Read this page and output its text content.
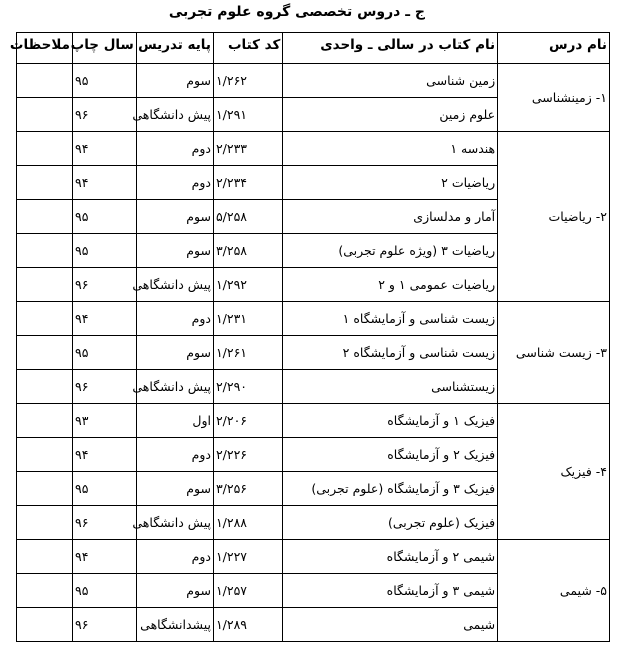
ج ـ دروس تخصصی گروه علوم تجربی
نام درس	نام کتاب در سالی ـ واحدی	کد کتاب	پایه تدریس	سال چاپ	ملاحظات
۱- زمینشناسی	زمین شناسی	۱/۲۶۲	سوم	۹۵	
	علوم زمین	۱/۲۹۱	پیش دانشگاهی	۹۶	
۲- ریاضیات	هندسه ۱	۲/۲۳۳	دوم	۹۴	
	ریاضیات ۲	۲/۲۳۴	دوم	۹۴	
	آمار و مدلسازی	۵/۲۵۸	سوم	۹۵	
	ریاضیات ۳ (ویژه علوم تجربی)	۳/۲۵۸	سوم	۹۵	
	ریاضیات عمومی ۱ و ۲	۱/۲۹۲	پیش دانشگاهی	۹۶	
۳- زیست شناسی	زیست شناسی و آزمایشگاه ۱	۱/۲۳۱	دوم	۹۴	
	زیست شناسی و آزمایشگاه ۲	۱/۲۶۱	سوم	۹۵	
	زیستشناسی	۲/۲۹۰	پیش دانشگاهی	۹۶	
۴- فیزیک	فیزیک ۱ و آزمایشگاه	۲/۲۰۶	اول	۹۳	
	فیزیک ۲ و آزمایشگاه	۲/۲۲۶	دوم	۹۴	
	فیزیک ۳ و آزمایشگاه (علوم تجربی)	۳/۲۵۶	سوم	۹۵	
	فیزیک (علوم تجربی)	۱/۲۸۸	پیش دانشگاهی	۹۶	
۵- شیمی	شیمی ۲ و آزمایشگاه	۱/۲۲۷	دوم	۹۴	
	شیمی ۳ و آزمایشگاه	۱/۲۵۷	سوم	۹۵	
	شیمی	۱/۲۸۹	پیشدانشگاهی	۹۶	
